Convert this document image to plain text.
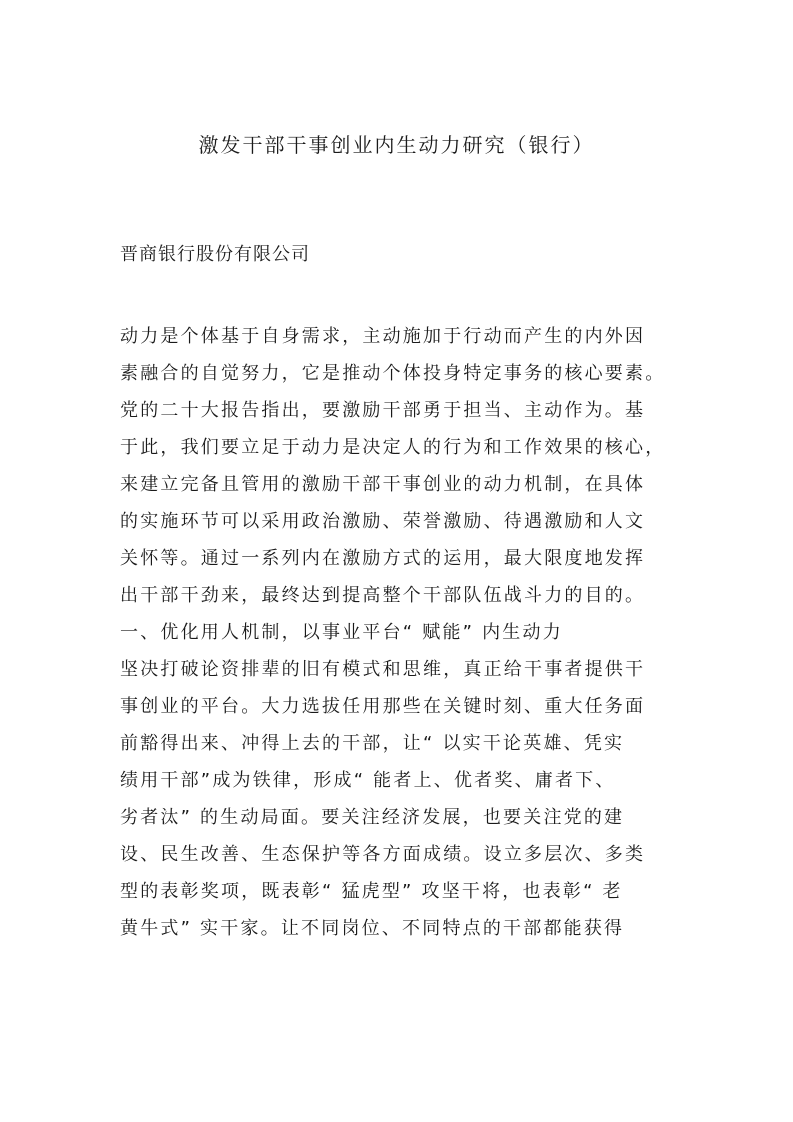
激发干部干事创业内生动力研究（银行）
晋商银行股份有限公司
动力是个体基于自身需求，主动施加于行动而产生的内外因
素融合的自觉努力，它是推动个体投身特定事务的核心要素。
党的二十大报告指出，要激励干部勇于担当、主动作为。基
于此，我们要立足于动力是决定人的行为和工作效果的核心，
来建立完备且管用的激励干部干事创业的动力机制，在具体
的实施环节可以采用政治激励、荣誉激励、待遇激励和人文
关怀等。通过一系列内在激励方式的运用，最大限度地发挥
出干部干劲来，最终达到提高整个干部队伍战斗力的目的。
一、优化用人机制，以事业平台“ 赋能” 内生动力
坚决打破论资排辈的旧有模式和思维，真正给干事者提供干
事创业的平台。大力选拔任用那些在关键时刻、重大任务面
前豁得出来、冲得上去的干部，让“ 以实干论英雄、凭实
绩用干部”成为铁律，形成“ 能者上、优者奖、庸者下、
劣者汰” 的生动局面。要关注经济发展，也要关注党的建
设、民生改善、生态保护等各方面成绩。设立多层次、多类
型的表彰奖项，既表彰“ 猛虎型” 攻坚干将，也表彰“ 老
黄牛式” 实干家。让不同岗位、不同特点的干部都能获得
